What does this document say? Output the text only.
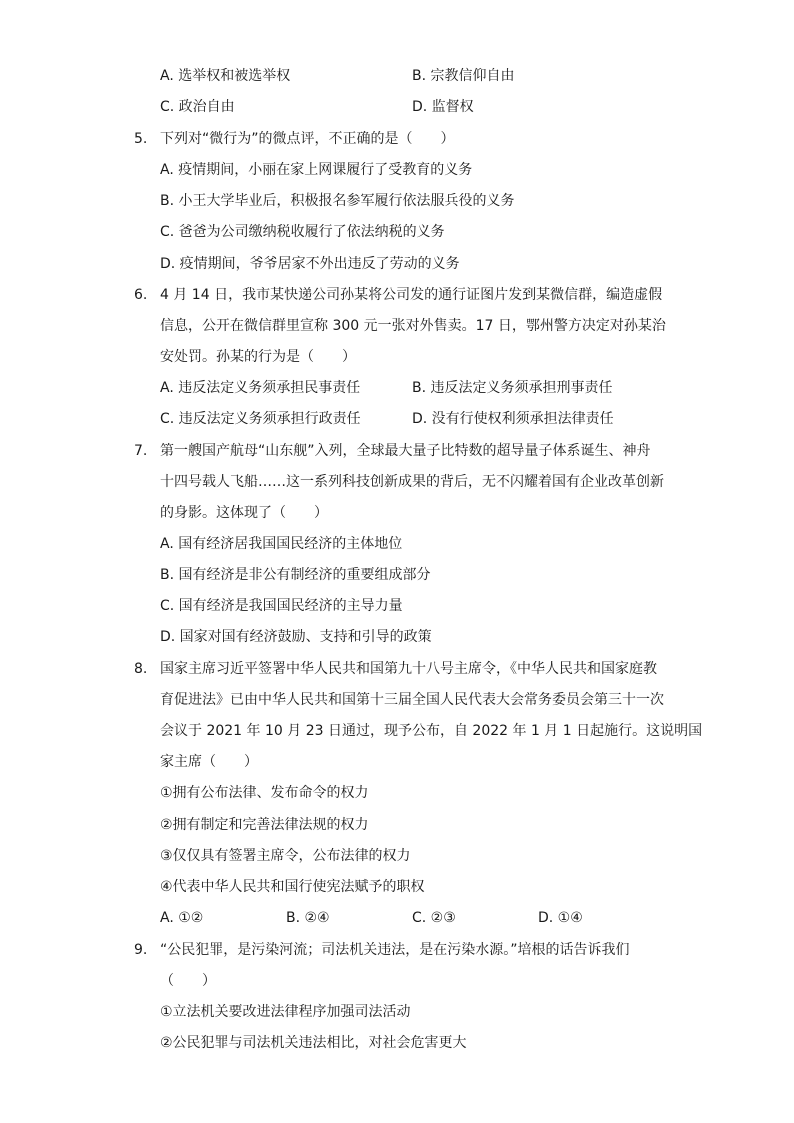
A. 选举权和被选举权	B. 宗教信仰自由
C. 政治自由	D. 监督权
5. 下列对“微行为”的微点评，不正确的是（　　）
A. 疫情期间，小丽在家上网课履行了受教育的义务
B. 小王大学毕业后，积极报名参军履行依法服兵役的义务
C. 爸爸为公司缴纳税收履行了依法纳税的义务
D. 疫情期间，爷爷居家不外出违反了劳动的义务
6. 4 月 14 日，我市某快递公司孙某将公司发的通行证图片发到某微信群，编造虚假
信息，公开在微信群里宣称 300 元一张对外售卖。17 日，鄂州警方决定对孙某治
安处罚。孙某的行为是（　　）
A. 违反法定义务须承担民事责任	B. 违反法定义务须承担刑事责任
C. 违反法定义务须承担行政责任	D. 没有行使权利须承担法律责任
7. 第一艘国产航母“山东舰”入列，全球最大量子比特数的超导量子体系诞生、神舟
十四号载人飞船……这一系列科技创新成果的背后，无不闪耀着国有企业改革创新
的身影。这体现了（　　）
A. 国有经济居我国国民经济的主体地位
B. 国有经济是非公有制经济的重要组成部分
C. 国有经济是我国国民经济的主导力量
D. 国家对国有经济鼓励、支持和引导的政策
8. 国家主席习近平签署中华人民共和国第九十八号主席令，《中华人民共和国家庭教
育促进法》已由中华人民共和国第十三届全国人民代表大会常务委员会第三十一次
会议于 2021 年 10 月 23 日通过，现予公布，自 2022 年 1 月 1 日起施行。这说明国
家主席（　　）
①拥有公布法律、发布命令的权力
②拥有制定和完善法律法规的权力
③仅仅具有签署主席令，公布法律的权力
④代表中华人民共和国行使宪法赋予的职权
A. ①②	B. ②④	C. ②③	D. ①④
9. “公民犯罪，是污染河流；司法机关违法，是在污染水源。”培根的话告诉我们
（　　）
①立法机关要改进法律程序加强司法活动
②公民犯罪与司法机关违法相比，对社会危害更大
